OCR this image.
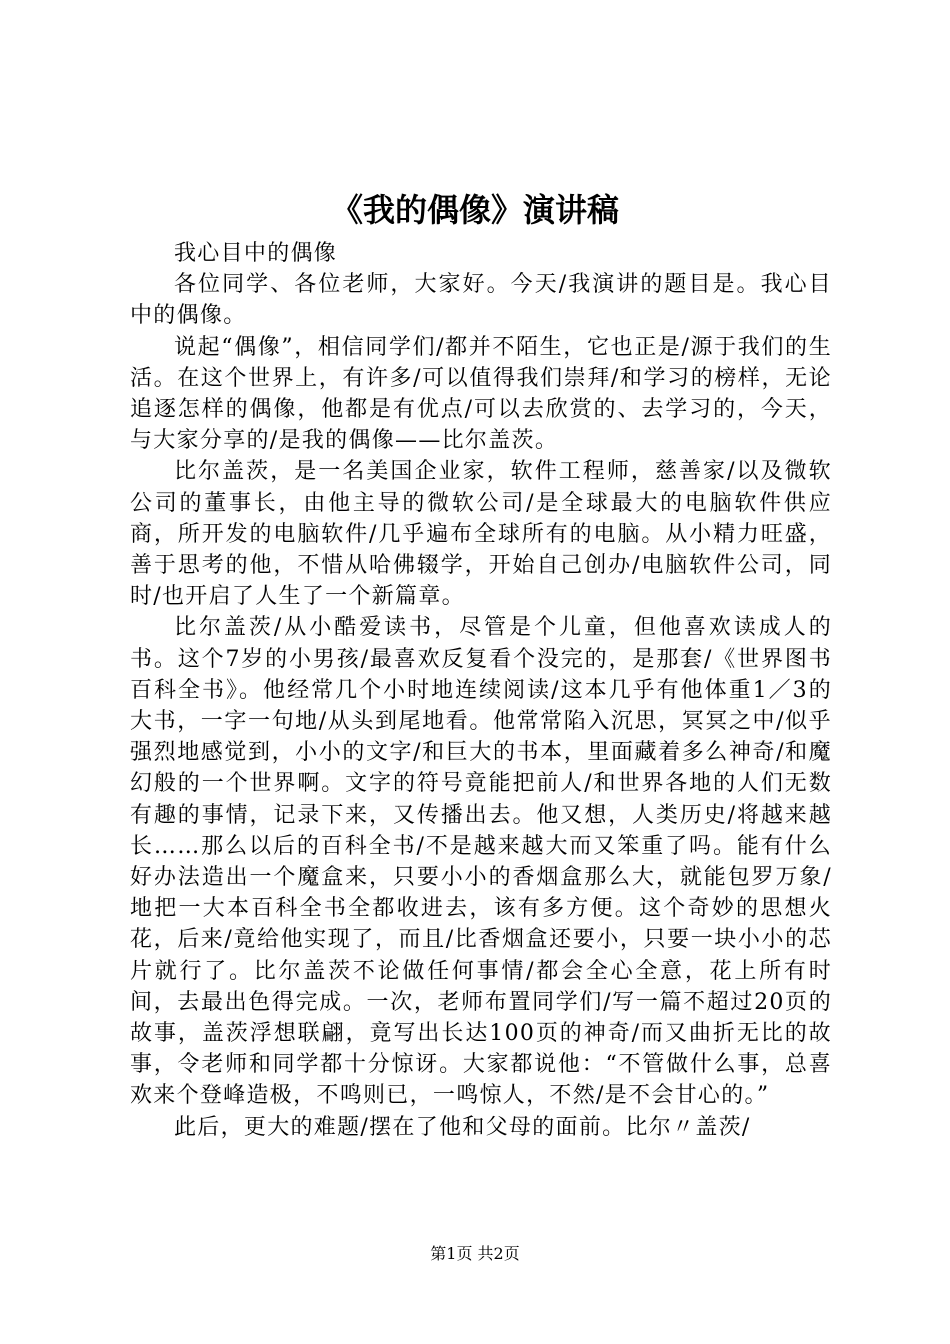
《我的偶像》演讲稿

我心目中的偶像

各位同学、各位老师，大家好。今天/我演讲的题目是。我心目中的偶像。

说起“偶像”，相信同学们/都并不陌生，它也正是/源于我们的生活。在这个世界上，有许多/可以值得我们崇拜/和学习的榜样，无论追逐怎样的偶像，他都是有优点/可以去欣赏的、去学习的，今天，与大家分享的/是我的偶像——比尔盖茨。

比尔盖茨，是一名美国企业家，软件工程师，慈善家/以及微软公司的董事长，由他主导的微软公司/是全球最大的电脑软件供应商，所开发的电脑软件/几乎遍布全球所有的电脑。从小精力旺盛，善于思考的他，不惜从哈佛辍学，开始自己创办/电脑软件公司，同时/也开启了人生了一个新篇章。

比尔盖茨/从小酷爱读书，尽管是个儿童，但他喜欢读成人的书。这个7岁的小男孩/最喜欢反复看个没完的，是那套/《世界图书百科全书》。他经常几个小时地连续阅读/这本几乎有他体重1／3的大书，一字一句地/从头到尾地看。他常常陷入沉思，冥冥之中/似乎强烈地感觉到，小小的文字/和巨大的书本，里面藏着多么神奇/和魔幻般的一个世界啊。文字的符号竟能把前人/和世界各地的人们无数有趣的事情，记录下来，又传播出去。他又想，人类历史/将越来越长……那么以后的百科全书/不是越来越大而又笨重了吗。能有什么好办法造出一个魔盒来，只要小小的香烟盒那么大，就能包罗万象/地把一大本百科全书全都收进去，该有多方便。这个奇妙的思想火花，后来/竟给他实现了，而且/比香烟盒还要小，只要一块小小的芯片就行了。比尔盖茨不论做任何事情/都会全心全意，花上所有时间，去最出色得完成。一次，老师布置同学们/写一篇不超过20页的故事，盖茨浮想联翩，竟写出长达100页的神奇/而又曲折无比的故事，令老师和同学都十分惊讶。大家都说他：“不管做什么事，总喜欢来个登峰造极，不鸣则已，一鸣惊人，不然/是不会甘心的。”

此后，更大的难题/摆在了他和父母的面前。比尔〃盖茨/

第1页 共2页
